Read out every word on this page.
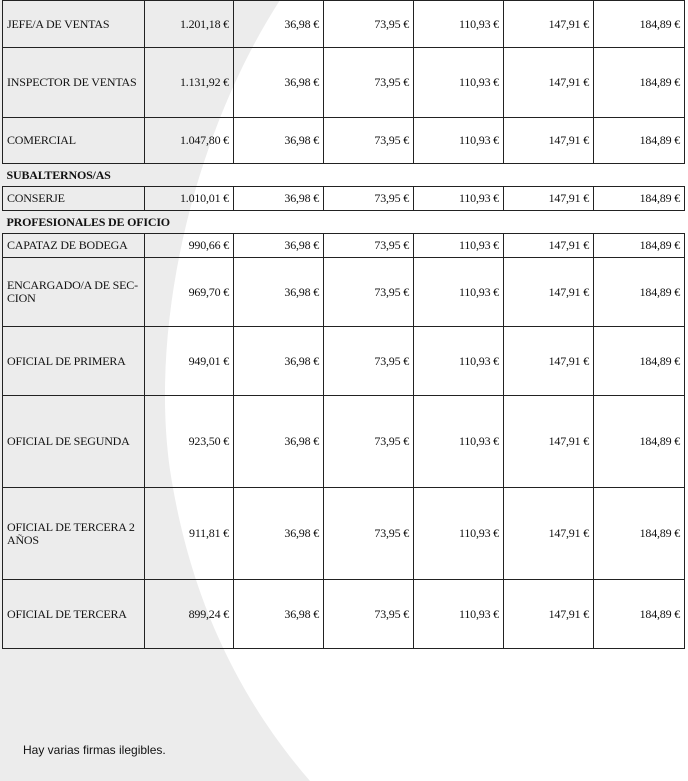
JEFE/A DE VENTAS	1.201,18 €	36,98 €	73,95 €	110,93 €	147,91 €	184,89 €
INSPECTOR DE VENTAS	1.131,92 €	36,98 €	73,95 €	110,93 €	147,91 €	184,89 €
COMERCIAL	1.047,80 €	36,98 €	73,95 €	110,93 €	147,91 €	184,89 €
SUBALTERNOS/AS						
CONSERJE	1.010,01 €	36,98 €	73,95 €	110,93 €	147,91 €	184,89 €
PROFESIONALES DE OFICIO						
CAPATAZ DE BODEGA	990,66 €	36,98 €	73,95 €	110,93 €	147,91 €	184,89 €
ENCARGADO/A DE SEC-
CION	969,70 €	36,98 €	73,95 €	110,93 €	147,91 €	184,89 €
OFICIAL DE PRIMERA	949,01 €	36,98 €	73,95 €	110,93 €	147,91 €	184,89 €
OFICIAL DE SEGUNDA	923,50 €	36,98 €	73,95 €	110,93 €	147,91 €	184,89 €
OFICIAL DE TERCERA 2 AÑOS	911,81 €	36,98 €	73,95 €	110,93 €	147,91 €	184,89 €
OFICIAL DE TERCERA	899,24 €	36,98 €	73,95 €	110,93 €	147,91 €	184,89 €
Hay varias firmas ilegibles.
